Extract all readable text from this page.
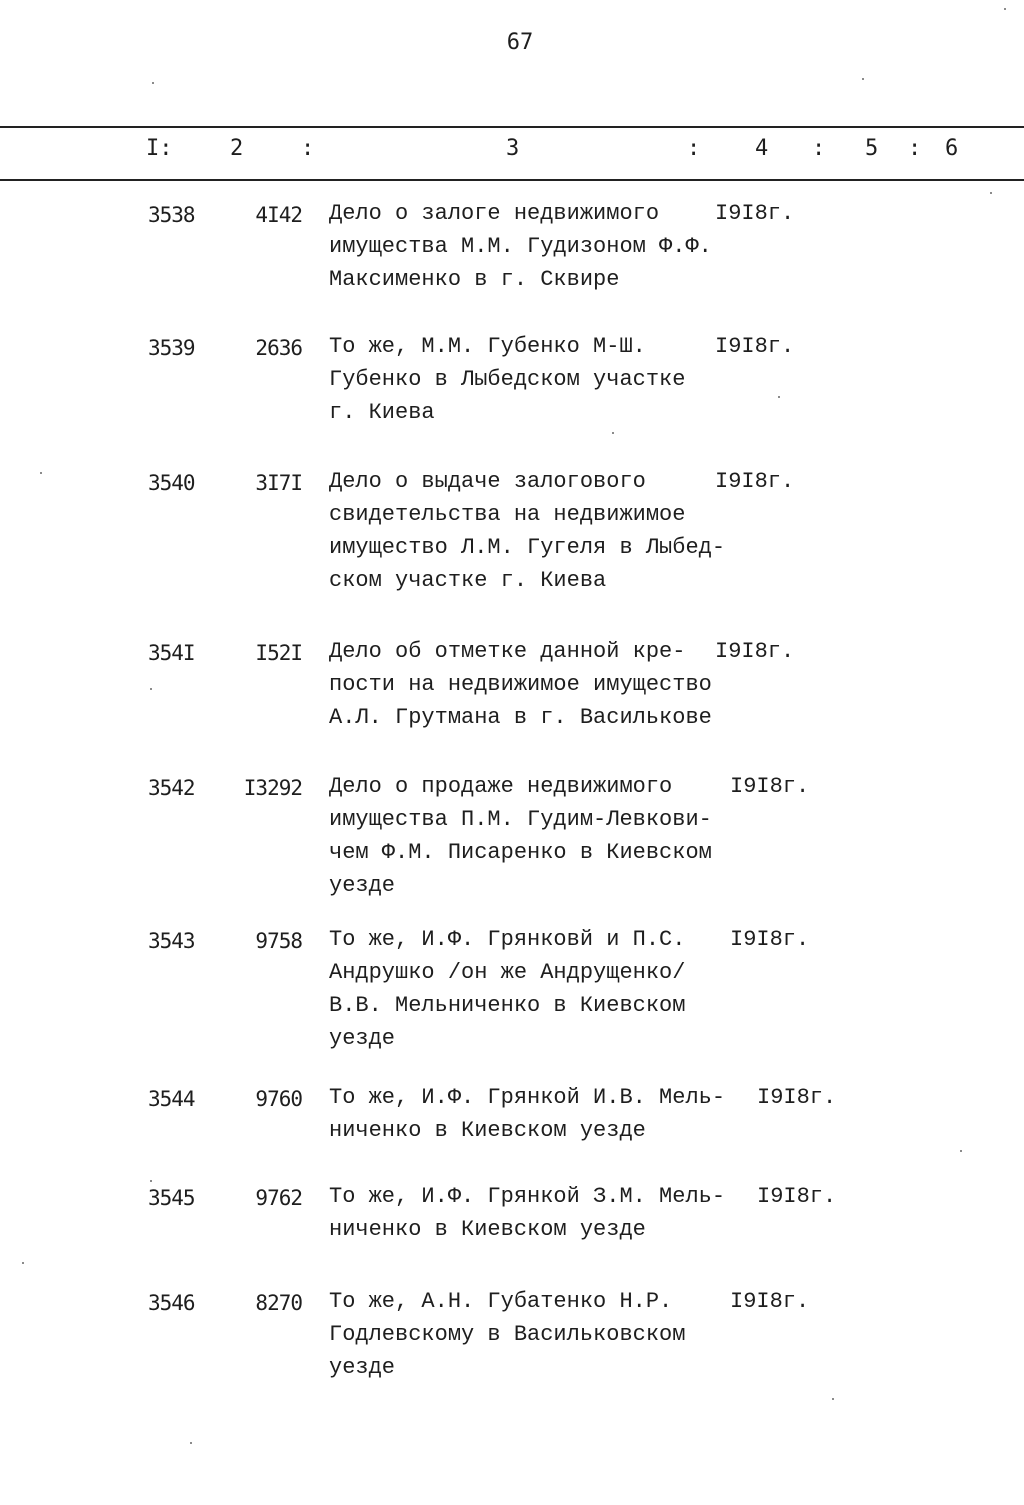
67
I:	2	:	3	: 4 : 5 : 6
3538	4I42 Дело о залоге недвижимого
имущества М.М. Гудизоном Ф.Ф.
Максименко в г. Сквире
I9I8г.
3539	2636 То же, М.М. Губенко М-Ш.
Губенко в Лыбедском участке
г. Киева
I9I8г.
3540	3I7I Дело о выдаче залогового
свидетельства на недвижимое
имущество Л.М. Гугеля в Лыбед-
ском участке г. Киева
I9I8г.
354I	I52I Дело об отметке данной кре-
пости на недвижимое имущество
А.Л. Грутмана в г. Василькове
I9I8г.
3542 I3292 Дело о продаже недвижимого
имущества П.М. Гудим-Левкови-
чем Ф.М. Писаренко в Киевском
уезде
I9I8г.
3543	9758 То же, И.Ф. Грянковй и П.С.
Андрушко /он же Андрущенко/
В.В. Мельниченко в Киевском
уезде
I9I8г.
3544	9760 То же, И.Ф. Грянкой И.В. Мель-
ниченко в Киевском уезде
I9I8г.
3545	9762 То же, И.Ф. Грянкой З.М. Мель-
ниченко в Киевском уезде
I9I8г.
3546	8270 То же, А.Н. Губатенко Н.Р.
Годлевскому в Васильковском
уезде
I9I8г.
